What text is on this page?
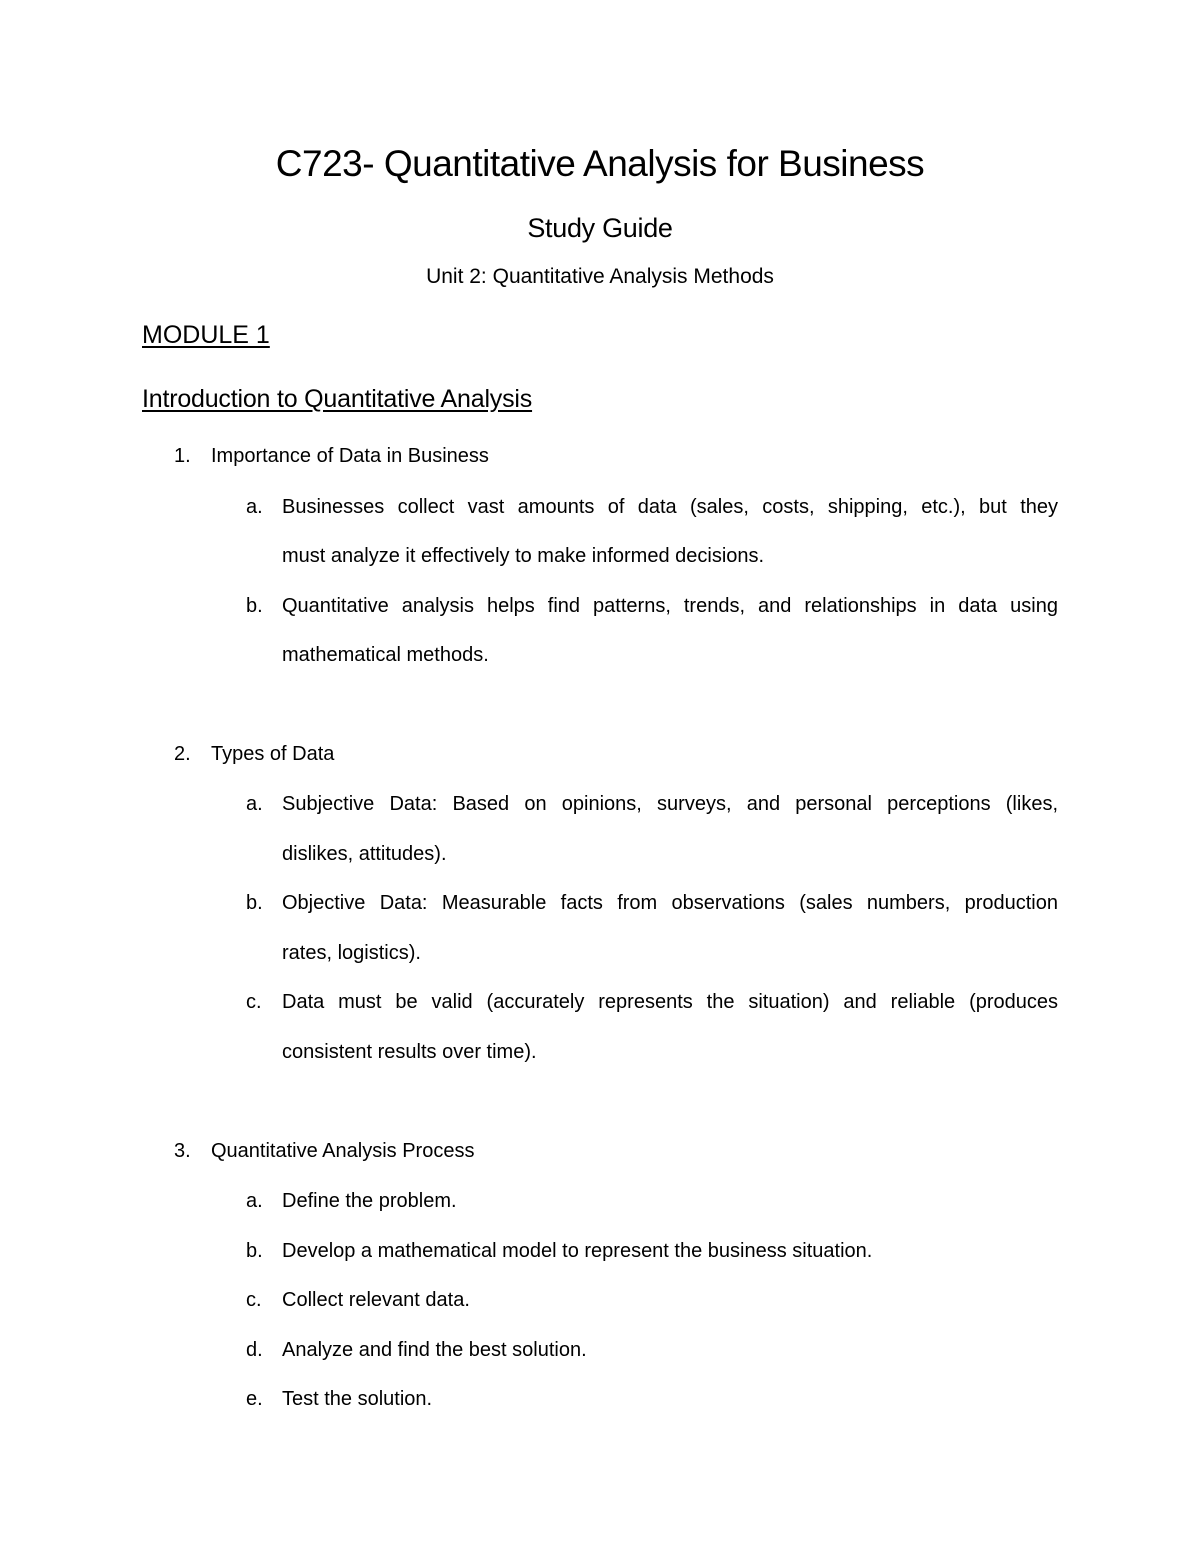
C723- Quantitative Analysis for Business
Study Guide
Unit 2: Quantitative Analysis Methods
MODULE 1
Introduction to Quantitative Analysis
1. Importance of Data in Business
a. Businesses collect vast amounts of data (sales, costs, shipping, etc.), but they
must analyze it effectively to make informed decisions.
b. Quantitative analysis helps find patterns, trends, and relationships in data using
mathematical methods.
2. Types of Data
a. Subjective Data: Based on opinions, surveys, and personal perceptions (likes,
dislikes, attitudes).
b. Objective Data: Measurable facts from observations (sales numbers, production
rates, logistics).
c. Data must be valid (accurately represents the situation) and reliable (produces
consistent results over time).
3. Quantitative Analysis Process
a. Define the problem.
b. Develop a mathematical model to represent the business situation.
c. Collect relevant data.
d. Analyze and find the best solution.
e. Test the solution.
